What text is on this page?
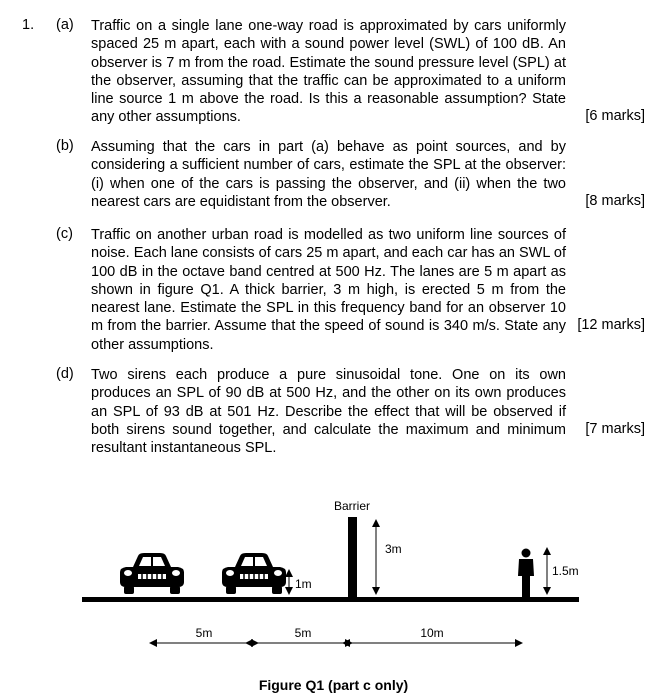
1. (a) Traffic on a single lane one-way road is approximated by cars uniformly spaced 25 m apart, each with a sound power level (SWL) of 100 dB. An observer is 7 m from the road. Estimate the sound pressure level (SPL) at the observer, assuming that the traffic can be approximated to a uniform line source 1 m above the road. Is this a reasonable assumption? State any other assumptions.	[6 marks]
(b) Assuming that the cars in part (a) behave as point sources, and by considering a sufficient number of cars, estimate the SPL at the observer: (i) when one of the cars is passing the observer, and (ii) when the two nearest cars are equidistant from the observer.	[8 marks]
(c) Traffic on another urban road is modelled as two uniform line sources of noise. Each lane consists of cars 25 m apart, and each car has an SWL of 100 dB in the octave band centred at 500 Hz. The lanes are 5 m apart as shown in figure Q1. A thick barrier, 3 m high, is erected 5 m from the nearest lane. Estimate the SPL in this frequency band for an observer 10 m from the barrier. Assume that the speed of sound is 340 m/s. State any other assumptions.

[12 marks]
(d) Two sirens each produce a pure sinusoidal tone. One on its own produces an SPL of 90 dB at 500 Hz, and the other on its own produces an SPL of 93 dB at 501 Hz. Describe the effect that will be observed if both sirens sound together, and calculate the maximum and minimum resultant instantaneous SPL.

[7 marks]
1m
Barrier
3m
1.5m
5m	5m	10m
Figure Q1 (part c only)
